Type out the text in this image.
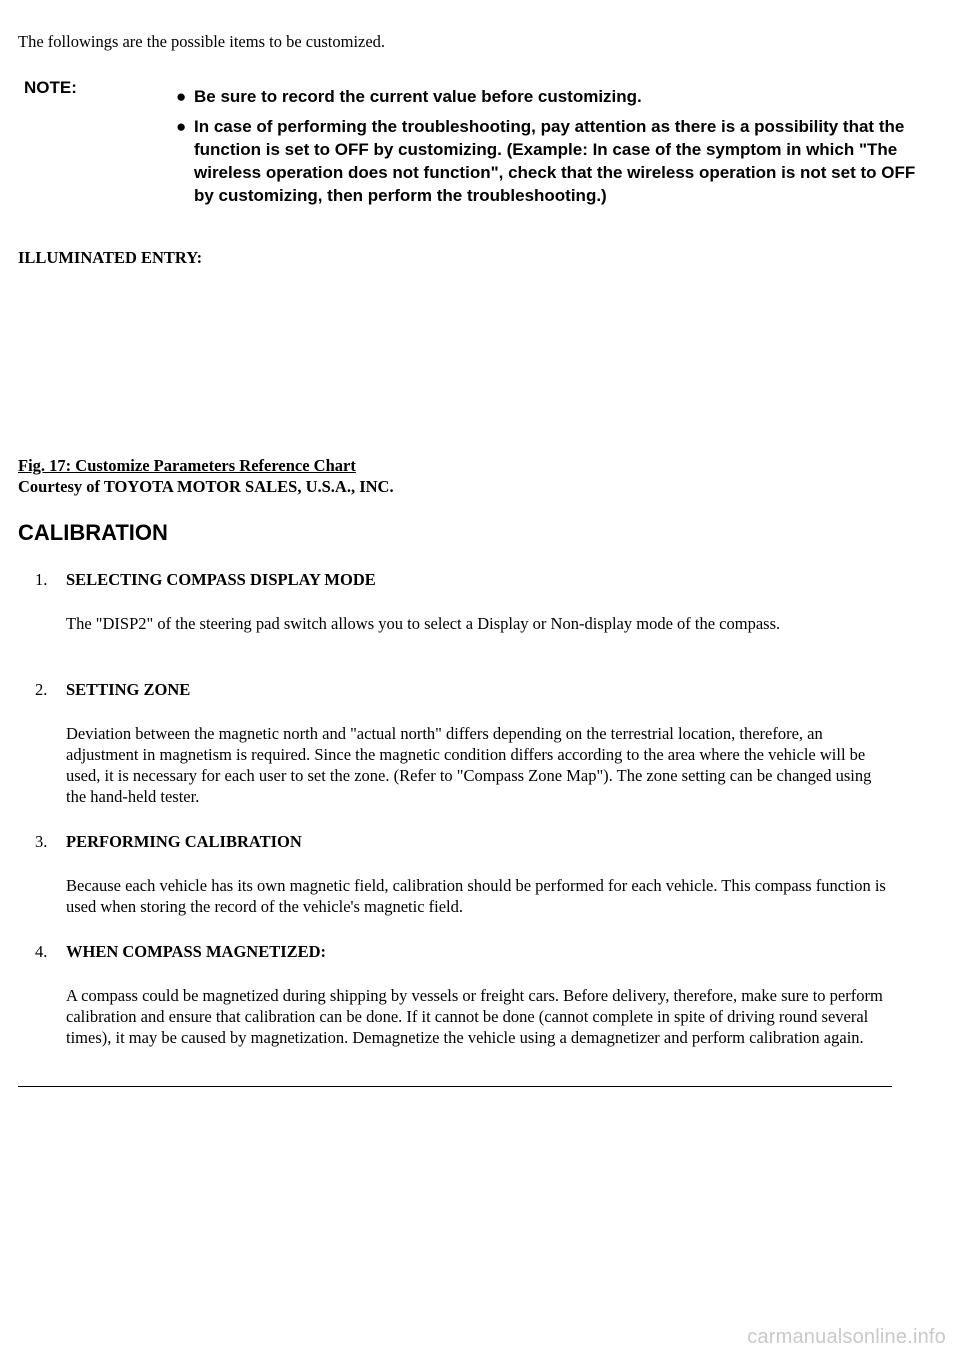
The followings are the possible items to be customized.
NOTE:	● Be sure to record the current value before customizing.
● In case of performing the troubleshooting, pay attention as there is a possibility that the function is set to OFF by customizing. (Example: In case of the symptom in which "The wireless operation does not function", check that the wireless operation is not set to OFF by customizing, then perform the troubleshooting.)
ILLUMINATED ENTRY:
Fig. 17: Customize Parameters Reference Chart
Courtesy of TOYOTA MOTOR SALES, U.S.A., INC.
CALIBRATION
1. SELECTING COMPASS DISPLAY MODE
The "DISP2" of the steering pad switch allows you to select a Display or Non-display mode of the compass.
2. SETTING ZONE
Deviation between the magnetic north and "actual north" differs depending on the terrestrial location, therefore, an adjustment in magnetism is required. Since the magnetic condition differs according to the area where the vehicle will be used, it is necessary for each user to set the zone. (Refer to "Compass Zone Map"). The zone setting can be changed using the hand-held tester.
3. PERFORMING CALIBRATION
Because each vehicle has its own magnetic field, calibration should be performed for each vehicle. This compass function is used when storing the record of the vehicle's magnetic field.
4. WHEN COMPASS MAGNETIZED:
A compass could be magnetized during shipping by vessels or freight cars. Before delivery, therefore, make sure to perform calibration and ensure that calibration can be done. If it cannot be done (cannot complete in spite of driving round several times), it may be caused by magnetization. Demagnetize the vehicle using a demagnetizer and perform calibration again.
carmanualsonline.info
